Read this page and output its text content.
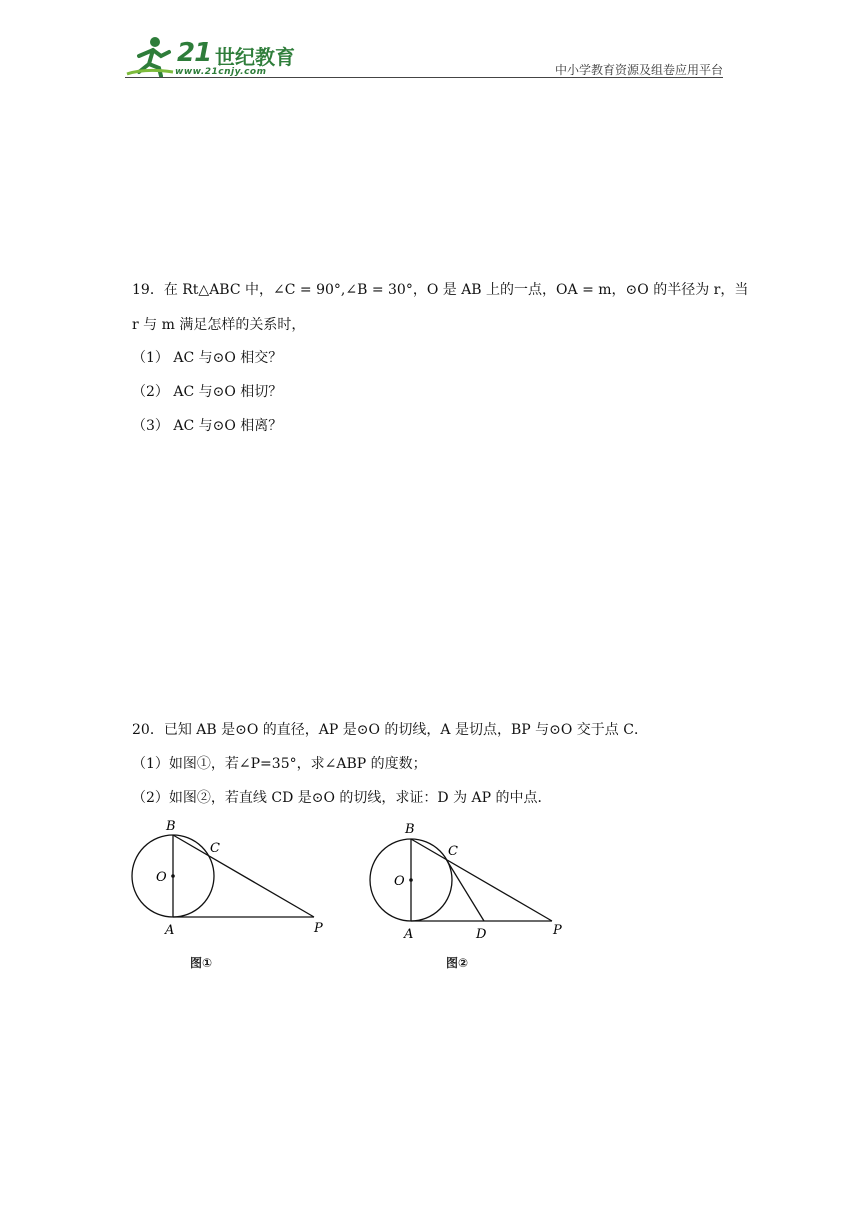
21 世纪教育
www.21cnjy.com	中小学教育资源及组卷应用平台
19．在 Rt△ABC 中，∠C = 90°,∠B = 30°，O 是 AB 上的一点，OA = m，⊙O 的半径为 r，当
r 与 m 满足怎样的关系时，
（1） AC 与⊙O 相交？
（2） AC 与⊙O 相切？
（3） AC 与⊙O 相离？
20．已知 AB 是⊙O 的直径，AP 是⊙O 的切线，A 是切点，BP 与⊙O 交于点 C．
（1）如图①，若∠P=35°，求∠ABP 的度数；
（2）如图②，若直线 CD 是⊙O 的切线，求证：D 为 AP 的中点．
B
C
O
A	P
B
C
O
A	D	P
图①	图②
